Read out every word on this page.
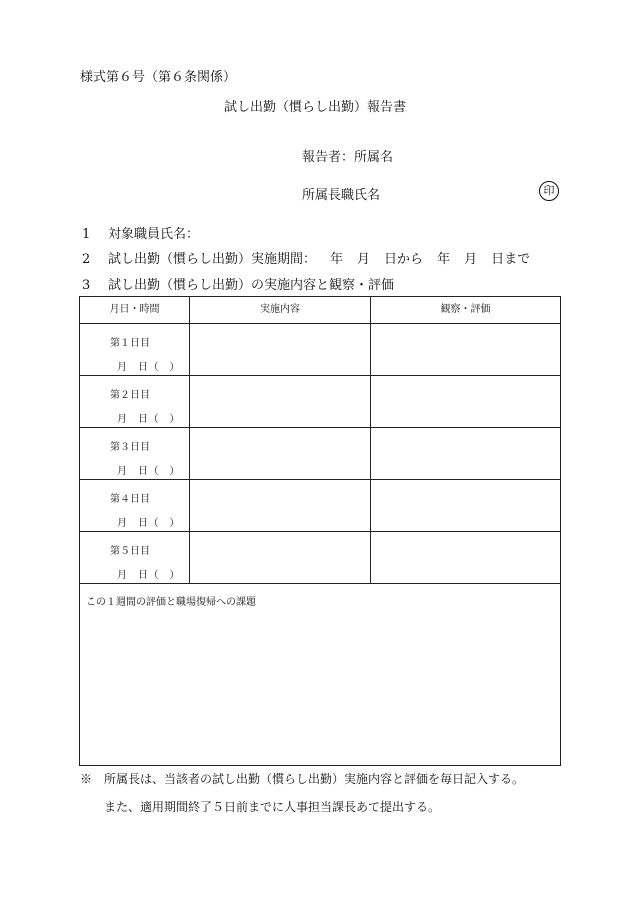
様式第６号（第６条関係）
試し出勤（慣らし出勤）報告書
報告者：所属名
所属長職氏名	印
1 対象職員氏名：
2 試し出勤（慣らし出勤）実施期間： 年 月 日から 年 月 日まで
3 試し出勤（慣らし出勤）の実施内容と観察・評価
月日・時間	実施内容	観察・評価
第１日目
月　日（　）
第２日目
月　日（　）
第３日目
月　日（　）
第４日目
月　日（　）
第５日目
月　日（　）
この１週間の評価と職場復帰への課題
※　 所属長は、当該者の試し出勤（慣らし出勤）実施内容と評価を毎日記入する。
また、適用期間終了５日前までに人事担当課長あて提出する。
